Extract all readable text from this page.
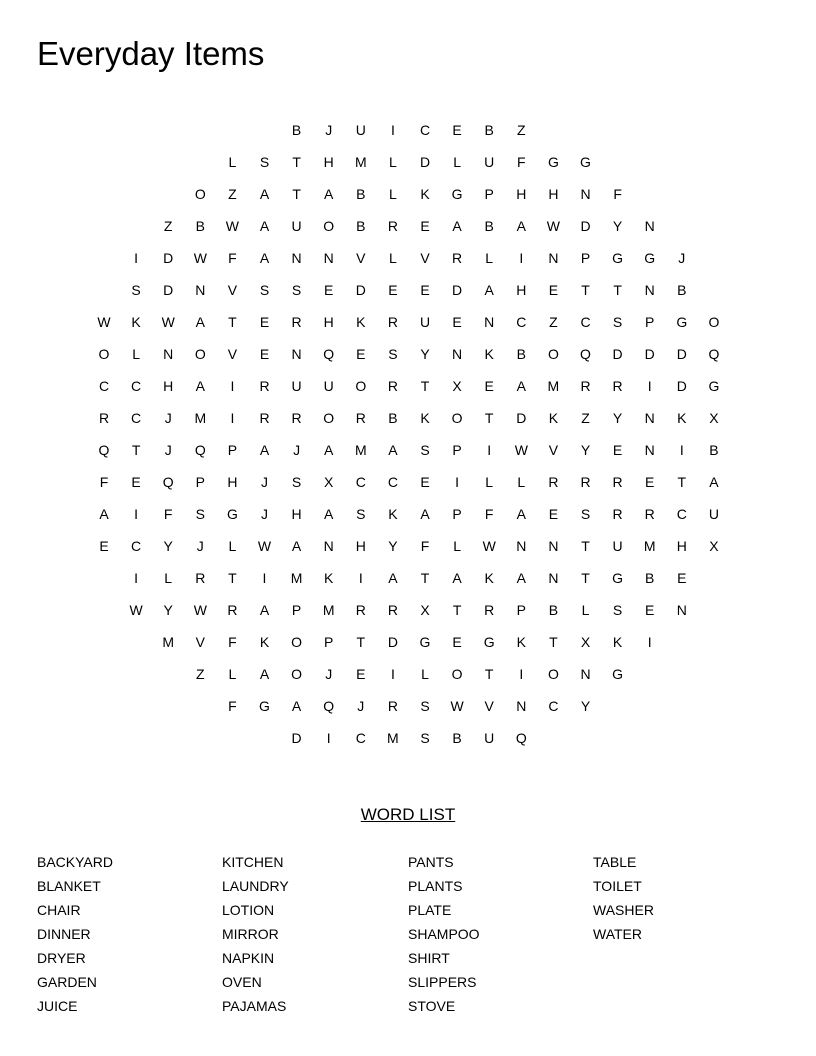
Everyday Items
B	J	U	I	C	E	B	Z
L	S	T	H	M	L	D	L	U	F	G	G
O	Z	A	T	A	B	L	K	G	P	H	H	N	F
Z	B	W	A	U	O	B	R	E	A	B	A	W	D	Y	N
I	D	W	F	A	N	N	V	L	V	R	L	I	N	P	G	G	J
S	D	N	V	S	S	E	D	E	E	D	A	H	E	T	T	N	B
W	K	W	A	T	E	R	H	K	R	U	E	N	C	Z	C	S	P	G	O
O	L	N	O	V	E	N	Q	E	S	Y	N	K	B	O	Q	D	D	D	Q
C	C	H	A	I	R	U	U	O	R	T	X	E	A	M	R	R	I	D	G
R	C	J	M	I	R	R	O	R	B	K	O	T	D	K	Z	Y	N	K	X
Q	T	J	Q	P	A	J	A	M	A	S	P	I	W	V	Y	E	N	I	B
F	E	Q	P	H	J	S	X	C	C	E	I	L	L	R	R	R	E	T	A
A	I	F	S	G	J	H	A	S	K	A	P	F	A	E	S	R	R	C	U
E	C	Y	J	L	W	A	N	H	Y	F	L	W	N	N	T	U	M	H	X
I	L	R	T	I	M	K	I	A	T	A	K	A	N	T	G	B	E
W	Y	W	R	A	P	M	R	R	X	T	R	P	B	L	S	E	N
M	V	F	K	O	P	T	D	G	E	G	K	T	X	K	I
Z	L	A	O	J	E	I	L	O	T	I	O	N	G
F	G	A	Q	J	R	S	W	V	N	C	Y
D	I	C	M	S	B	U	Q
WORD LIST
BACKYARD
BLANKET
CHAIR
DINNER
DRYER
GARDEN
JUICE
KITCHEN
LAUNDRY
LOTION
MIRROR
NAPKIN
OVEN
PAJAMAS
PANTS
PLANTS
PLATE
SHAMPOO
SHIRT
SLIPPERS
STOVE
TABLE
TOILET
WASHER
WATER
